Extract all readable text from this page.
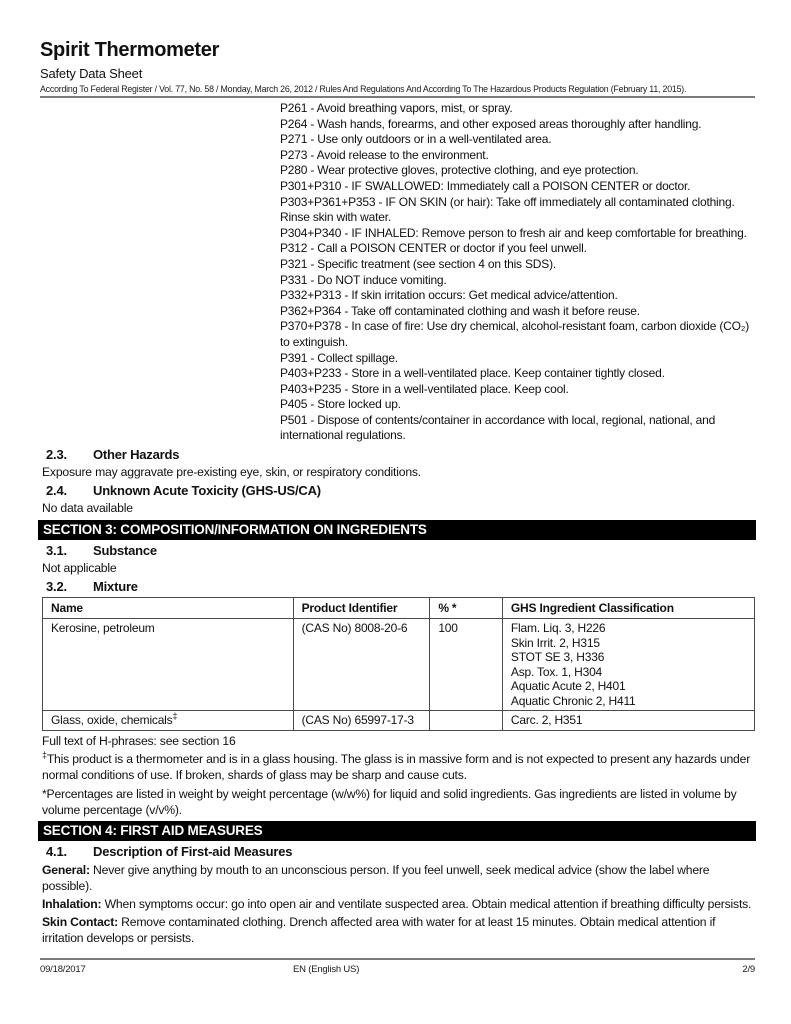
Spirit Thermometer
Safety Data Sheet
According To Federal Register / Vol. 77, No. 58 / Monday, March 26, 2012 / Rules And Regulations And According To The Hazardous Products Regulation (February 11, 2015).
P261 - Avoid breathing vapors, mist, or spray.
P264 - Wash hands, forearms, and other exposed areas thoroughly after handling.
P271 - Use only outdoors or in a well-ventilated area.
P273 - Avoid release to the environment.
P280 - Wear protective gloves, protective clothing, and eye protection.
P301+P310 - IF SWALLOWED: Immediately call a POISON CENTER or doctor.
P303+P361+P353 - IF ON SKIN (or hair): Take off immediately all contaminated clothing. Rinse skin with water.
P304+P340 - IF INHALED: Remove person to fresh air and keep comfortable for breathing.
P312 - Call a POISON CENTER or doctor if you feel unwell.
P321 - Specific treatment (see section 4 on this SDS).
P331 - Do NOT induce vomiting.
P332+P313 - If skin irritation occurs: Get medical advice/attention.
P362+P364 - Take off contaminated clothing and wash it before reuse.
P370+P378 - In case of fire: Use dry chemical, alcohol-resistant foam, carbon dioxide (CO₂) to extinguish.
P391 - Collect spillage.
P403+P233 - Store in a well-ventilated place. Keep container tightly closed.
P403+P235 - Store in a well-ventilated place. Keep cool.
P405 - Store locked up.
P501 - Dispose of contents/container in accordance with local, regional, national, and international regulations.
2.3.	Other Hazards
Exposure may aggravate pre-existing eye, skin, or respiratory conditions.
2.4.	Unknown Acute Toxicity (GHS-US/CA)
No data available
SECTION 3: COMPOSITION/INFORMATION ON INGREDIENTS
3.1.	Substance
Not applicable
3.2.	Mixture
Name	Product Identifier	% *	GHS Ingredient Classification
Kerosine, petroleum	(CAS No) 8008-20-6	100	Flam. Liq. 3, H226
Skin Irrit. 2, H315
STOT SE 3, H336
Asp. Tox. 1, H304
Aquatic Acute 2, H401
Aquatic Chronic 2, H411

Glass, oxide, chemicals‡	(CAS No) 65997-17-3		Carc. 2, H351
Full text of H-phrases: see section 16
‡This product is a thermometer and is in a glass housing. The glass is in massive form and is not expected to present any hazards under normal conditions of use. If broken, shards of glass may be sharp and cause cuts.
*Percentages are listed in weight by weight percentage (w/w%) for liquid and solid ingredients. Gas ingredients are listed in volume by volume percentage (v/v%).
SECTION 4: FIRST AID MEASURES
4.1.	Description of First-aid Measures
General: Never give anything by mouth to an unconscious person. If you feel unwell, seek medical advice (show the label where possible).
Inhalation: When symptoms occur: go into open air and ventilate suspected area. Obtain medical attention if breathing difficulty persists.
Skin Contact: Remove contaminated clothing. Drench affected area with water for at least 15 minutes. Obtain medical attention if irritation develops or persists.
09/18/2017	EN (English US)	2/9
